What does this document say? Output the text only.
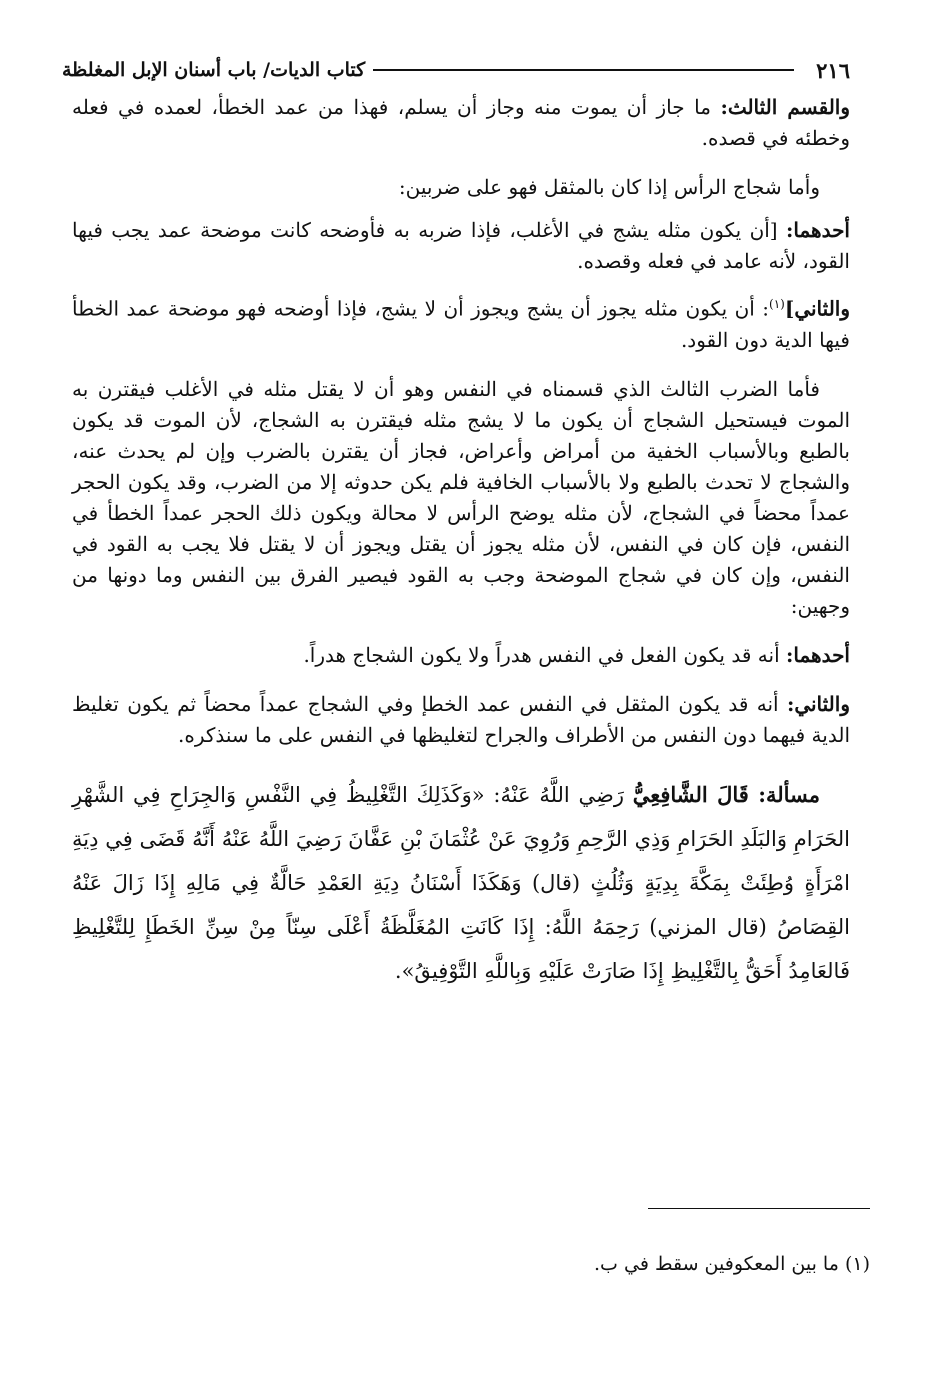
٢١٦
كتاب الديات/ باب أسنان الإبل المغلظة

والقسم الثالث: ما جاز أن يموت منه وجاز أن يسلم، فهذا من عمد الخطأ، لعمده في فعله وخطئه في قصده.

وأما شجاج الرأس إذا كان بالمثقل فهو على ضربين:

أحدهما: [أن يكون مثله يشج في الأغلب، فإذا ضربه به فأوضحه كانت موضحة عمد يجب فيها القود، لأنه عامد في فعله وقصده.

والثاني]$^{(١)}$: أن يكون مثله يجوز أن يشج ويجوز أن لا يشج، فإذا أوضحه فهو موضحة عمد الخطأ فيها الدية دون القود.

فأما الضرب الثالث الذي قسمناه في النفس وهو أن لا يقتل مثله في الأغلب فيقترن به الموت فيستحيل الشجاج أن يكون ما لا يشج مثله فيقترن به الشجاج، لأن الموت قد يكون بالطبع وبالأسباب الخفية من أمراض وأعراض، فجاز أن يقترن بالضرب وإن لم يحدث عنه، والشجاج لا تحدث بالطبع ولا بالأسباب الخافية فلم يكن حدوثه إلا من الضرب، وقد يكون الحجر عمداً محضاً في الشجاج، لأن مثله يوضح الرأس لا محالة ويكون ذلك الحجر عمداً الخطأ في النفس، فإن كان في النفس، لأن مثله يجوز أن يقتل ويجوز أن لا يقتل فلا يجب به القود في النفس، وإن كان في شجاج الموضحة وجب به القود فيصير الفرق بين النفس وما دونها من وجهين:

أحدهما: أنه قد يكون الفعل في النفس هدراً ولا يكون الشجاج هدراً.

والثاني: أنه قد يكون المثقل في النفس عمد الخطإ وفي الشجاج عمداً محضاً ثم يكون تغليظ الدية فيهما دون النفس من الأطراف والجراح لتغليظها في النفس على ما سنذكره.

مسألة: قَالَ الشَّافِعِيُّ رَضِي اللَّهُ عَنْهُ: «وَكَذَلِكَ التَّغْلِيظُ فِي النَّفْسِ وَالجِرَاحِ فِي الشَّهْرِ الحَرَامِ وَالبَلَدِ الحَرَامِ وَذِي الرَّحِمِ وَرُوِيَ عَنْ عُثْمَانَ بْنِ عَفَّانَ رَضِيَ اللَّهُ عَنْهُ أَنَّهُ قَضَى فِي دِيَةِ امْرَأَةٍ وُطِئَتْ بِمَكَّةَ بِدِيَةٍ وَثُلُثٍ (قال) وَهَكَذَا أَسْنَانُ دِيَةِ العَمْدِ حَالَّةٌ فِي مَالِهِ إِذَا زَالَ عَنْهُ القِصَاصُ (قال المزني) رَحِمَهُ اللَّهُ: إِذَا كَانَتِ المُغَلَّظَةُ أَعْلَى سِنّاً مِنْ سِنِّ الخَطَإِ لِلتَّغْلِيظِ فَالعَامِدُ أَحَقُّ بِالتَّغْلِيظِ إِذَا صَارَتْ عَلَيْهِ وَبِاللَّهِ التَّوْفِيقُ».

(١) ما بين المعكوفين سقط في ب.
